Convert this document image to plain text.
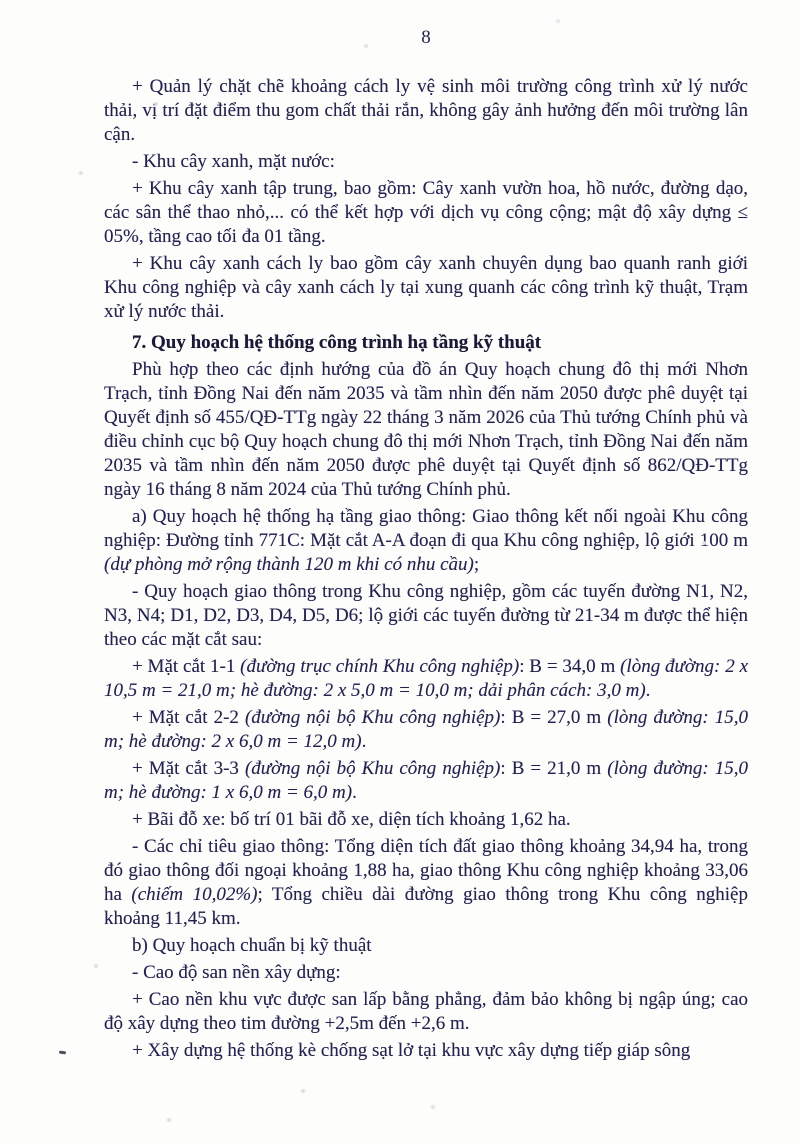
8

+ Quản lý chặt chẽ khoảng cách ly vệ sinh môi trường công trình xử lý nước thải, vị trí đặt điểm thu gom chất thải rắn, không gây ảnh hưởng đến môi trường lân cận.

- Khu cây xanh, mặt nước:

+ Khu cây xanh tập trung, bao gồm: Cây xanh vườn hoa, hồ nước, đường dạo, các sân thể thao nhỏ,... có thể kết hợp với dịch vụ công cộng; mật độ xây dựng ≤ 05%, tầng cao tối đa 01 tầng.

+ Khu cây xanh cách ly bao gồm cây xanh chuyên dụng bao quanh ranh giới Khu công nghiệp và cây xanh cách ly tại xung quanh các công trình kỹ thuật, Trạm xử lý nước thải.

7. Quy hoạch hệ thống công trình hạ tầng kỹ thuật

Phù hợp theo các định hướng của đồ án Quy hoạch chung đô thị mới Nhơn Trạch, tỉnh Đồng Nai đến năm 2035 và tầm nhìn đến năm 2050 được phê duyệt tại Quyết định số 455/QĐ-TTg ngày 22 tháng 3 năm 2026 của Thủ tướng Chính phủ và điều chỉnh cục bộ Quy hoạch chung đô thị mới Nhơn Trạch, tỉnh Đồng Nai đến năm 2035 và tầm nhìn đến năm 2050 được phê duyệt tại Quyết định số 862/QĐ-TTg ngày 16 tháng 8 năm 2024 của Thủ tướng Chính phủ.

a) Quy hoạch hệ thống hạ tầng giao thông: Giao thông kết nối ngoài Khu công nghiệp: Đường tỉnh 771C: Mặt cắt A-A đoạn đi qua Khu công nghiệp, lộ giới 100 m (dự phòng mở rộng thành 120 m khi có nhu cầu);

- Quy hoạch giao thông trong Khu công nghiệp, gồm các tuyến đường N1, N2, N3, N4; D1, D2, D3, D4, D5, D6; lộ giới các tuyến đường từ 21-34 m được thể hiện theo các mặt cắt sau:

+ Mặt cắt 1-1 (đường trục chính Khu công nghiệp): B = 34,0 m (lòng đường: 2 x 10,5 m = 21,0 m; hè đường: 2 x 5,0 m = 10,0 m; dải phân cách: 3,0 m).

+ Mặt cắt 2-2 (đường nội bộ Khu công nghiệp): B = 27,0 m (lòng đường: 15,0 m; hè đường: 2 x 6,0 m = 12,0 m).

+ Mặt cắt 3-3 (đường nội bộ Khu công nghiệp): B = 21,0 m (lòng đường: 15,0 m; hè đường: 1 x 6,0 m = 6,0 m).

+ Bãi đỗ xe: bố trí 01 bãi đỗ xe, diện tích khoảng 1,62 ha.

- Các chỉ tiêu giao thông: Tổng diện tích đất giao thông khoảng 34,94 ha, trong đó giao thông đối ngoại khoảng 1,88 ha, giao thông Khu công nghiệp khoảng 33,06 ha (chiếm 10,02%); Tổng chiều dài đường giao thông trong Khu công nghiệp khoảng 11,45 km.

b) Quy hoạch chuẩn bị kỹ thuật

- Cao độ san nền xây dựng:

+ Cao nền khu vực được san lấp bằng phẳng, đảm bảo không bị ngập úng; cao độ xây dựng theo tim đường +2,5m đến +2,6 m.

+ Xây dựng hệ thống kè chống sạt lở tại khu vực xây dựng tiếp giáp sông
